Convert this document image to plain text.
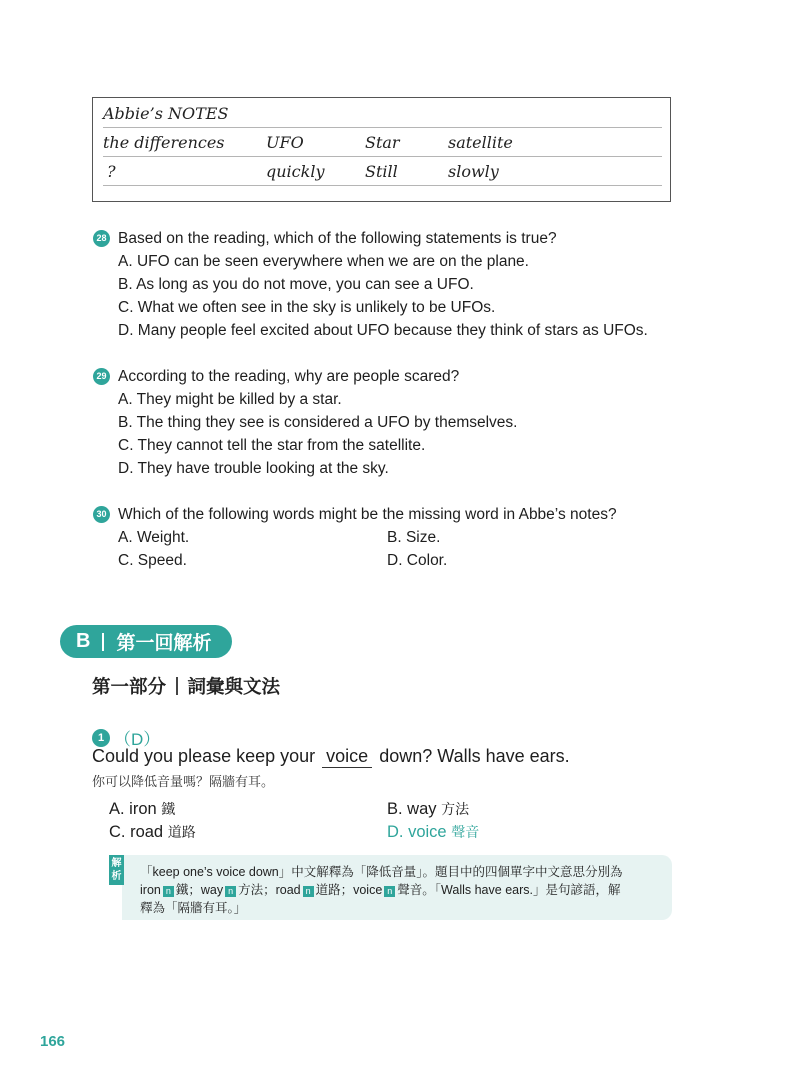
Abbie’s NOTES
the differences	UFO	Star	satellite
?	quickly	Still	slowly
28 Based on the reading, which of the following statements is true?
A. UFO can be seen everywhere when we are on the plane.
B. As long as you do not move, you can see a UFO.
C. What we often see in the sky is unlikely to be UFOs.
D. Many people feel excited about UFO because they think of stars as UFOs.
29 According to the reading, why are people scared?
A. They might be killed by a star.
B. The thing they see is considered a UFO by themselves.
C. They cannot tell the star from the satellite.
D. They have trouble looking at the sky.
30 Which of the following words might be the missing word in Abbe’s notes?
A. Weight.	B. Size.
C. Speed.	D. Color.
B 第一回解析
第一部分 詞彙與文法
1 （D）
Could you please keep your voice down? Walls have ears.
你可以降低音量嗎？隔牆有耳。
A. iron 鐵	B. way 方法
C. road 道路	D. voice 聲音
「keep one’s voice down」中文解釋為「降低音量」。題目中的四個單字中文意思分別為
iron n 鐵；way n 方法；road n 道路；voice n 聲音。「Walls have ears.」是句諺語，解
釋為「隔牆有耳。」
解析
166
